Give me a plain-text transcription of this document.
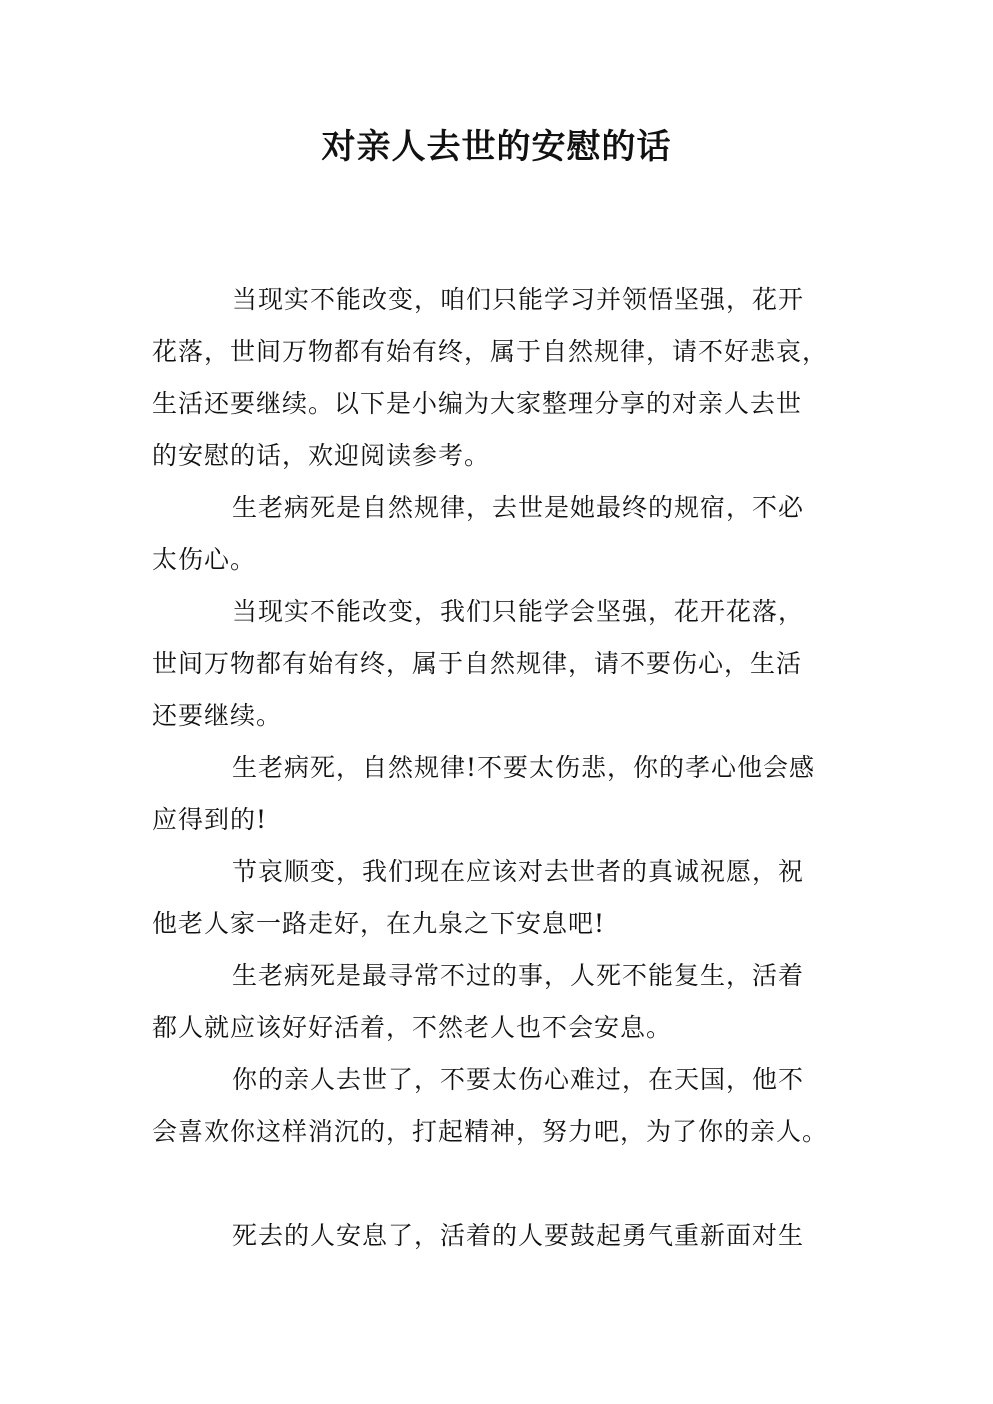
对亲人去世的安慰的话
当现实不能改变，咱们只能学习并领悟坚强，花开
花落，世间万物都有始有终，属于自然规律，请不好悲哀，
生活还要继续。以下是小编为大家整理分享的对亲人去世
的安慰的话，欢迎阅读参考。
生老病死是自然规律，去世是她最终的规宿，不必
太伤心。
当现实不能改变，我们只能学会坚强，花开花落，
世间万物都有始有终，属于自然规律，请不要伤心，生活
还要继续。
生老病死，自然规律!不要太伤悲，你的孝心他会感
应得到的!
节哀顺变，我们现在应该对去世者的真诚祝愿，祝
他老人家一路走好，在九泉之下安息吧!
生老病死是最寻常不过的事，人死不能复生，活着
都人就应该好好活着，不然老人也不会安息。
你的亲人去世了，不要太伤心难过，在天国，他不
会喜欢你这样消沉的，打起精神，努力吧，为了你的亲人。
死去的人安息了，活着的人要鼓起勇气重新面对生
